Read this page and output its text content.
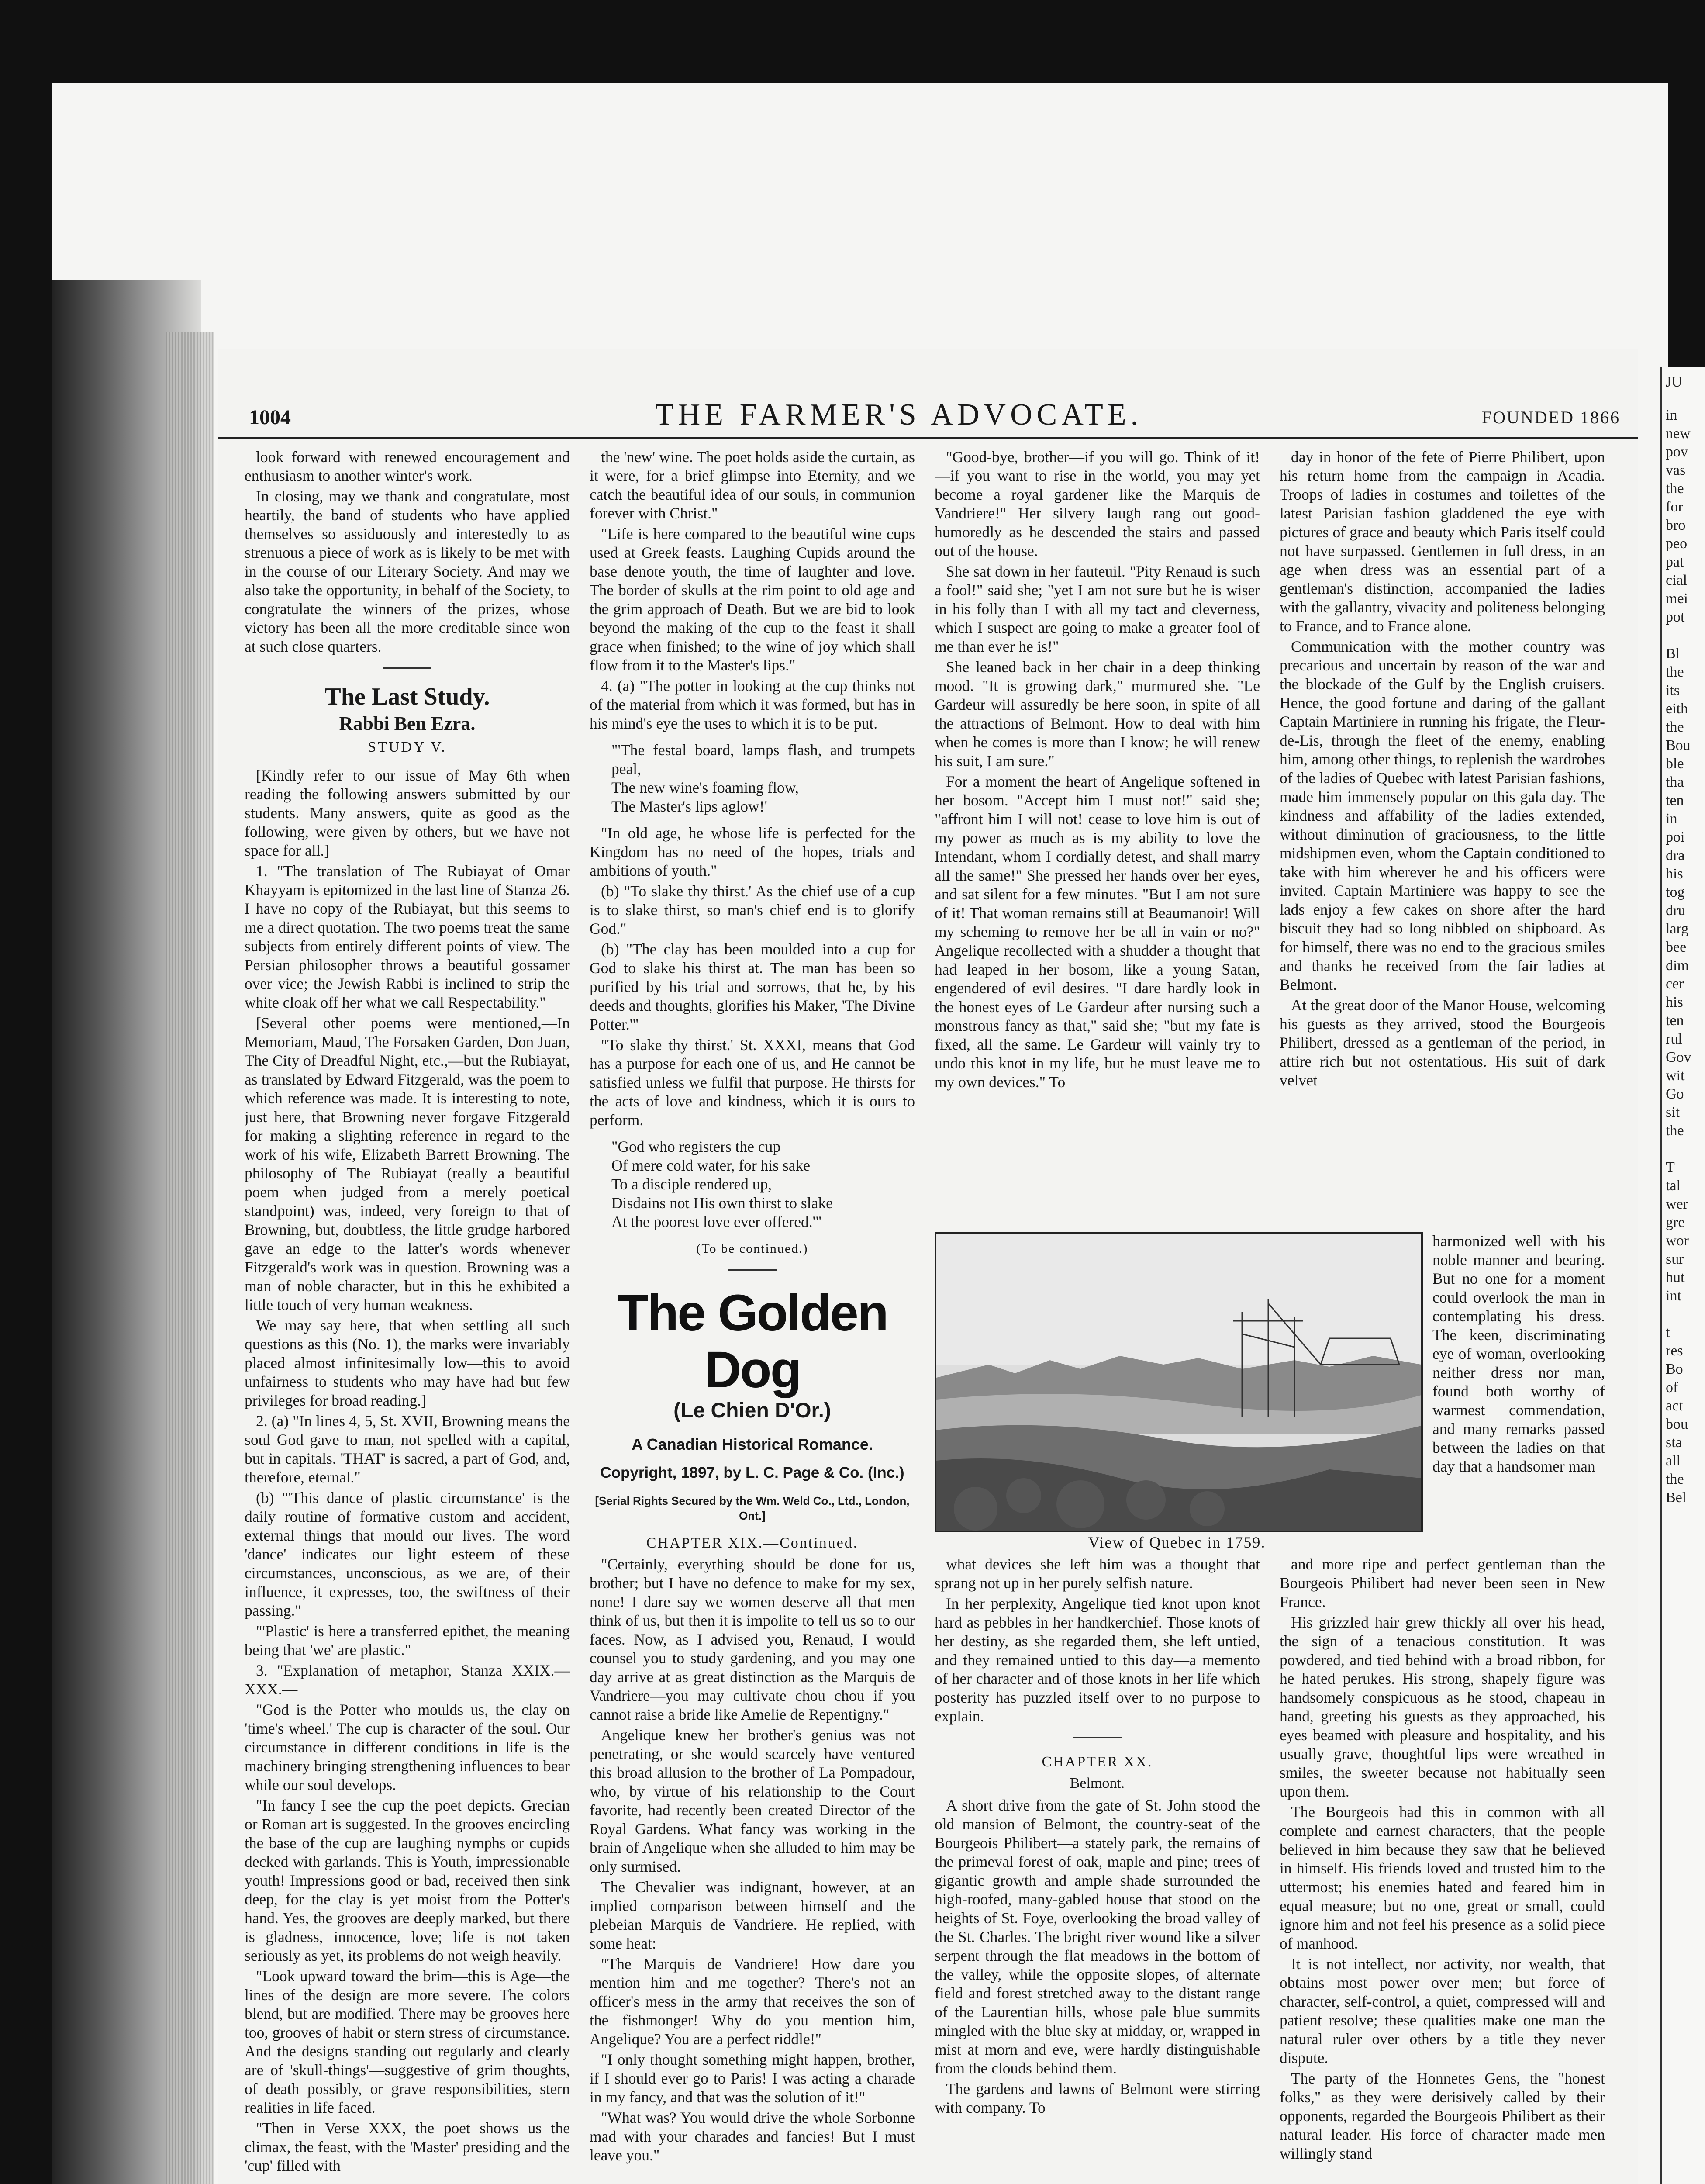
JU
in
new
pov
vas
the
for
bro
peo
pat
cial
mei
pot

Bl
the
its
eith
the
Bou
ble
tha
ten
in
poi
dra
his
tog
dru
larg
bee
dim
cer
his
ten
rul
Gov
wit
Go
sit
the

T
tal
wer
gre
wor
sur
hut
int

t
res
Bo
of
act
bou
sta
all
the
Bel
1004	THE FARMER'S ADVOCATE.	FOUNDED 1866

look forward with renewed encouragement and enthusiasm to another winter's work.

In closing, may we thank and congratulate, most heartily, the band of students who have applied themselves so assiduously and interestedly to as strenuous a piece of work as is likely to be met with in the course of our Literary Society. And may we also take the opportunity, in behalf of the Society, to congratulate the winners of the prizes, whose victory has been all the more creditable since won at such close quarters.

The Last Study.
Rabbi Ben Ezra.
STUDY V.

[Kindly refer to our issue of May 6th when reading the following answers submitted by our students. Many answers, quite as good as the following, were given by others, but we have not space for all.]

1. "The translation of The Rubiayat of Omar Khayyam is epitomized in the last line of Stanza 26. I have no copy of the Rubiayat, but this seems to me a direct quotation. The two poems treat the same subjects from entirely different points of view. The Persian philosopher throws a beautiful gossamer over vice; the Jewish Rabbi is inclined to strip the white cloak off her what we call Respectability."

[Several other poems were mentioned,—In Memoriam, Maud, The Forsaken Garden, Don Juan, The City of Dreadful Night, etc.,—but the Rubiayat, as translated by Edward Fitzgerald, was the poem to which reference was made. It is interesting to note, just here, that Browning never forgave Fitzgerald for making a slighting reference in regard to the work of his wife, Elizabeth Barrett Browning. The philosophy of The Rubiayat (really a beautiful poem when judged from a merely poetical standpoint) was, indeed, very foreign to that of Browning, but, doubtless, the little grudge harbored gave an edge to the latter's words whenever Fitzgerald's work was in question. Browning was a man of noble character, but in this he exhibited a little touch of very human weakness.

We may say here, that when settling all such questions as this (No. 1), the marks were invariably placed almost infinitesimally low—this to avoid unfairness to students who may have had but few privileges for broad reading.]

2. (a) "In lines 4, 5, St. XVII, Browning means the soul God gave to man, not spelled with a capital, but in capitals. 'THAT' is sacred, a part of God, and, therefore, eternal."

(b) "'This dance of plastic circumstance' is the daily routine of formative custom and accident, external things that mould our lives. The word 'dance' indicates our light esteem of these circumstances, unconscious, as we are, of their influence, it expresses, too, the swiftness of their passing."

"'Plastic' is here a transferred epithet, the meaning being that 'we' are plastic."

3. "Explanation of metaphor, Stanza XXIX.—XXX.—

"God is the Potter who moulds us, the clay on 'time's wheel.' The cup is character of the soul. Our circumstance in different conditions in life is the machinery bringing strengthening influences to bear while our soul develops.

"In fancy I see the cup the poet depicts. Grecian or Roman art is suggested. In the grooves encircling the base of the cup are laughing nymphs or cupids decked with garlands. This is Youth, impressionable youth! Impressions good or bad, received then sink deep, for the clay is yet moist from the Potter's hand. Yes, the grooves are deeply marked, but there is gladness, innocence, love; life is not taken seriously as yet, its problems do not weigh heavily.

"Look upward toward the brim—this is Age—the lines of the design are more severe. The colors blend, but are modified. There may be grooves here too, grooves of habit or stern stress of circumstance. And the designs standing out regularly and clearly are of 'skull-things'—suggestive of grim thoughts, of death possibly, or grave responsibilities, stern realities in life faced.

"Then in Verse XXX, the poet shows us the climax, the feast, with the 'Master' presiding and the 'cup' filled with

the 'new' wine. The poet holds aside the curtain, as it were, for a brief glimpse into Eternity, and we catch the beautiful idea of our souls, in communion forever with Christ."

"Life is here compared to the beautiful wine cups used at Greek feasts. Laughing Cupids around the base denote youth, the time of laughter and love. The border of skulls at the rim point to old age and the grim approach of Death. But we are bid to look beyond the making of the cup to the feast it shall grace when finished; to the wine of joy which shall flow from it to the Master's lips."

4. (a) "The potter in looking at the cup thinks not of the material from which it was formed, but has in his mind's eye the uses to which it is to be put.

"'The festal board, lamps flash, and trumpets peal,

The new wine's foaming flow,

The Master's lips aglow!'

"In old age, he whose life is perfected for the Kingdom has no need of the hopes, trials and ambitions of youth."

(b) "To slake thy thirst.' As the chief use of a cup is to slake thirst, so man's chief end is to glorify God."

(b) "The clay has been moulded into a cup for God to slake his thirst at. The man has been so purified by his trial and sorrows, that he, by his deeds and thoughts, glorifies his Maker, 'The Divine Potter.'"

"To slake thy thirst.' St. XXXI, means that God has a purpose for each one of us, and He cannot be satisfied unless we fulfil that purpose. He thirsts for the acts of love and kindness, which it is ours to perform.

"God who registers the cup

Of mere cold water, for his sake

To a disciple rendered up,

Disdains not His own thirst to slake

At the poorest love ever offered.'"

(To be continued.)
The Golden Dog
(Le Chien D'Or.)
A Canadian Historical Romance.
Copyright, 1897, by L. C. Page & Co. (Inc.)
[Serial Rights Secured by the Wm. Weld Co., Ltd., London, Ont.]
CHAPTER XIX.—Continued.

"Certainly, everything should be done for us, brother; but I have no defence to make for my sex, none! I dare say we women deserve all that men think of us, but then it is impolite to tell us so to our faces. Now, as I advised you, Renaud, I would counsel you to study gardening, and you may one day arrive at as great distinction as the Marquis de Vandriere—you may cultivate chou chou if you cannot raise a bride like Amelie de Repentigny."

Angelique knew her brother's genius was not penetrating, or she would scarcely have ventured this broad allusion to the brother of La Pompadour, who, by virtue of his relationship to the Court favorite, had recently been created Director of the Royal Gardens. What fancy was working in the brain of Angelique when she alluded to him may be only surmised.

The Chevalier was indignant, however, at an implied comparison between himself and the plebeian Marquis de Vandriere. He replied, with some heat:

"The Marquis de Vandriere! How dare you mention him and me together? There's not an officer's mess in the army that receives the son of the fishmonger! Why do you mention him, Angelique? You are a perfect riddle!"

"I only thought something might happen, brother, if I should ever go to Paris! I was acting a charade in my fancy, and that was the solution of it!"

"What was? You would drive the whole Sorbonne mad with your charades and fancies! But I must leave you."

"Good-bye, brother—if you will go. Think of it!—if you want to rise in the world, you may yet become a royal gardener like the Marquis de Vandriere!" Her silvery laugh rang out good-humoredly as he descended the stairs and passed out of the house.

She sat down in her fauteuil. "Pity Renaud is such a fool!" said she; "yet I am not sure but he is wiser in his folly than I with all my tact and cleverness, which I suspect are going to make a greater fool of me than ever he is!"

She leaned back in her chair in a deep thinking mood. "It is growing dark," murmured she. "Le Gardeur will assuredly be here soon, in spite of all the attractions of Belmont. How to deal with him when he comes is more than I know; he will renew his suit, I am sure."

For a moment the heart of Angelique softened in her bosom. "Accept him I must not!" said she; "affront him I will not! cease to love him is out of my power as much as is my ability to love the Intendant, whom I cordially detest, and shall marry all the same!" She pressed her hands over her eyes, and sat silent for a few minutes. "But I am not sure of it! That woman remains still at Beaumanoir! Will my scheming to remove her be all in vain or no?" Angelique recollected with a shudder a thought that had leaped in her bosom, like a young Satan, engendered of evil desires. "I dare hardly look in the honest eyes of Le Gardeur after nursing such a monstrous fancy as that," said she; "but my fate is fixed, all the same. Le Gardeur will vainly try to undo this knot in my life, but he must leave me to my own devices." To

day in honor of the fete of Pierre Philibert, upon his return home from the campaign in Acadia. Troops of ladies in costumes and toilettes of the latest Parisian fashion gladdened the eye with pictures of grace and beauty which Paris itself could not have surpassed. Gentlemen in full dress, in an age when dress was an essential part of a gentleman's distinction, accompanied the ladies with the gallantry, vivacity and politeness belonging to France, and to France alone.

Communication with the mother country was precarious and uncertain by reason of the war and the blockade of the Gulf by the English cruisers. Hence, the good fortune and daring of the gallant Captain Martiniere in running his frigate, the Fleur-de-Lis, through the fleet of the enemy, enabling him, among other things, to replenish the wardrobes of the ladies of Quebec with latest Parisian fashions, made him immensely popular on this gala day. The kindness and affability of the ladies extended, without diminution of graciousness, to the little midshipmen even, whom the Captain conditioned to take with him wherever he and his officers were invited. Captain Martiniere was happy to see the lads enjoy a few cakes on shore after the hard biscuit they had so long nibbled on shipboard. As for himself, there was no end to the gracious smiles and thanks he received from the fair ladies at Belmont.

At the great door of the Manor House, welcoming his guests as they arrived, stood the Bourgeois Philibert, dressed as a gentleman of the period, in attire rich but not ostentatious. His suit of dark velvet

View of Quebec in 1759.

harmonized well with his noble manner and bearing. But no one for a moment could overlook the man in contemplating his dress. The keen, discriminating eye of woman, overlooking neither dress nor man, found both worthy of warmest commendation, and many remarks passed between the ladies on that day that a handsomer man

what devices she left him was a thought that sprang not up in her purely selfish nature.

In her perplexity, Angelique tied knot upon knot hard as pebbles in her handkerchief. Those knots of her destiny, as she regarded them, she left untied, and they remained untied to this day—a memento of her character and of those knots in her life which posterity has puzzled itself over to no purpose to explain.

CHAPTER XX.
Belmont.

A short drive from the gate of St. John stood the old mansion of Belmont, the country-seat of the Bourgeois Philibert—a stately park, the remains of the primeval forest of oak, maple and pine; trees of gigantic growth and ample shade surrounded the high-roofed, many-gabled house that stood on the heights of St. Foye, overlooking the broad valley of the St. Charles. The bright river wound like a silver serpent through the flat meadows in the bottom of the valley, while the opposite slopes, of alternate field and forest stretched away to the distant range of the Laurentian hills, whose pale blue summits mingled with the blue sky at midday, or, wrapped in mist at morn and eve, were hardly distinguishable from the clouds behind them.

The gardens and lawns of Belmont were stirring with company. To

and more ripe and perfect gentleman than the Bourgeois Philibert had never been seen in New France.

His grizzled hair grew thickly all over his head, the sign of a tenacious constitution. It was powdered, and tied behind with a broad ribbon, for he hated perukes. His strong, shapely figure was handsomely conspicuous as he stood, chapeau in hand, greeting his guests as they approached, his eyes beamed with pleasure and hospitality, and his usually grave, thoughtful lips were wreathed in smiles, the sweeter because not habitually seen upon them.

The Bourgeois had this in common with all complete and earnest characters, that the people believed in him because they saw that he believed in himself. His friends loved and trusted him to the uttermost; his enemies hated and feared him in equal measure; but no one, great or small, could ignore him and not feel his presence as a solid piece of manhood.

It is not intellect, nor activity, nor wealth, that obtains most power over men; but force of character, self-control, a quiet, compressed will and patient resolve; these qualities make one man the natural ruler over others by a title they never dispute.

The party of the Honnetes Gens, the "honest folks," as they were derisively called by their opponents, regarded the Bourgeois Philibert as their natural leader. His force of character made men willingly stand
